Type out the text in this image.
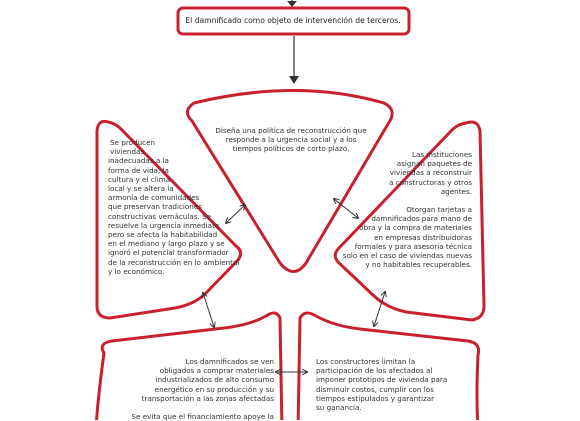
El damnificado como objeto de intervención de terceros.

Diseña una política de reconstrucción que

responde a la urgencia social y a los

tiempos políticos de corto plazo.

Se producen

viviendas

inadecuadas a la

forma de vida, la

cultura y el clima

local y se altera la

armonía de comunidades

que preservan tradiciones

constructivas vernáculas. Se

resuelve la urgencia inmediata

pero se afecta la habitabilidad

en el mediano y largo plazo y se

ignoró el potencial transformador

de la reconstrucción en lo ambiental

y lo económico.

Las instituciones

asignan paquetes de

viviendas a reconstruir

a constructoras y otros

agentes.

Otorgan tarjetas a

damnificados para mano de

obra y la compra de materiales

en empresas distribuidoras

formales y para asesoría técnica

solo en el caso de viviendas nuevas

y no habitables recuperables.

Los damnificados se ven

obligados a comprar materiales

industrializados de alto consumo

energético en su producción y su

transportación a las zonas afectadas

Se evita que el financiamiento apoye la

Los constructores limitan la

participación de los afectados al

imponer prototipos de vivienda para

disminuir costos, cumplir con los

tiempos estipulados y garantizar

su ganancia.
